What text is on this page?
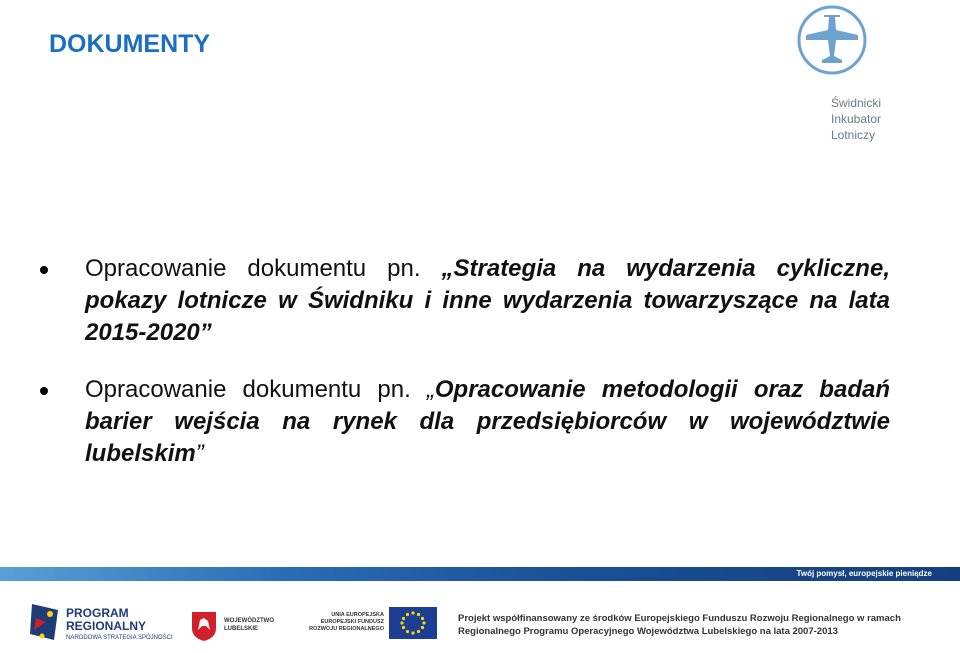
DOKUMENTY
Świdnicki
Inkubator
Lotniczy
Opracowanie dokumentu pn. „Strategia na wydarzenia cykliczne, pokazy lotnicze w Świdniku i inne wydarzenia towarzyszące na lata 2015-2020”
Opracowanie dokumentu pn. „Opracowanie metodologii oraz badań barier wejścia na rynek dla przedsiębiorców w województwie lubelskim”
Twój pomysł, europejskie pieniądze
PROGRAM
REGIONALNY
NARODOWA STRATEGIA SPÓJNOŚCI
WOJEWÓDZTWO
LUBELSKIE
UNIA EUROPEJSKA
EUROPEJSKI FUNDUSZ
ROZWOJU REGIONALNEGO
Projekt współfinansowany ze środków Europejskiego Funduszu Rozwoju Regionalnego w ramach
Regionalnego Programu Operacyjnego Województwa Lubelskiego na lata 2007-2013
